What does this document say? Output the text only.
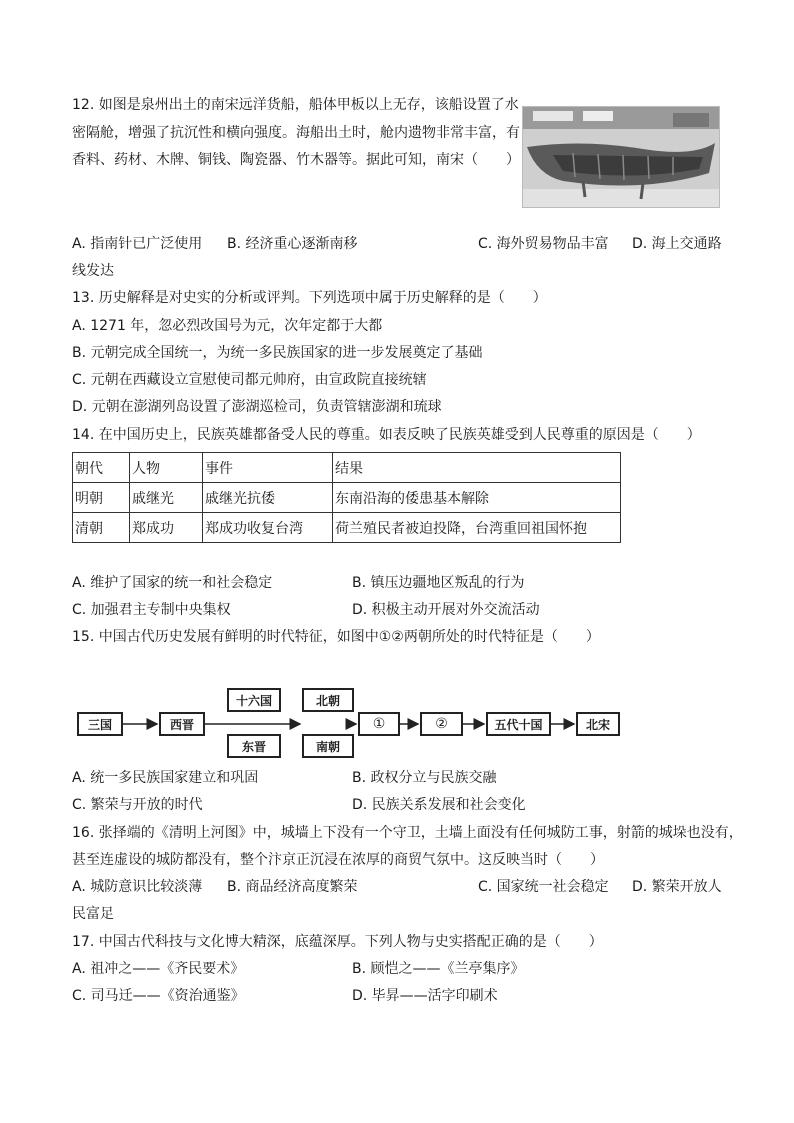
12. 如图是泉州出土的南宋远洋货船，船体甲板以上无存，该船设置了水
密隔舱，增强了抗沉性和横向强度。海船出土时，舱内遗物非常丰富，有
香料、药材、木牌、铜钱、陶瓷器、竹木器等。据此可知，南宋（　　）
A. 指南针已广泛使用 B. 经济重心逐渐南移	C. 海外贸易物品丰富 D. 海上交通路
线发达
13. 历史解释是对史实的分析或评判。下列选项中属于历史解释的是（　　）
A. 1271 年，忽必烈改国号为元，次年定都于大都
B. 元朝完成全国统一，为统一多民族国家的进一步发展奠定了基础
C. 元朝在西藏设立宣慰使司都元帅府，由宣政院直接统辖
D. 元朝在澎湖列岛设置了澎湖巡检司，负责管辖澎湖和琉球
14. 在中国历史上，民族英雄都备受人民的尊重。如表反映了民族英雄受到人民尊重的原因是（　　）
朝代	人物	事件	结果
明朝	戚继光	戚继光抗倭	东南沿海的倭患基本解除
清朝	郑成功	郑成功收复台湾	荷兰殖民者被迫投降，台湾重回祖国怀抱
A. 维护了国家的统一和社会稳定	B. 镇压边疆地区叛乱的行为
C. 加强君主专制中央集权	D. 积极主动开展对外交流活动
15. 中国古代历史发展有鲜明的时代特征，如图中①②两朝所处的时代特征是（　　）
三国	西晋
十六国
东晋
北朝
南朝
①	②	五代十国	北宋
A. 统一多民族国家建立和巩固	B. 政权分立与民族交融
C. 繁荣与开放的时代	D. 民族关系发展和社会变化
16. 张择端的《清明上河图》中，城墙上下没有一个守卫，土墙上面没有任何城防工事，射箭的城垛也没有，
甚至连虚设的城防都没有，整个汴京正沉浸在浓厚的商贸气氛中。这反映当时（　　）
A. 城防意识比较淡薄 B. 商品经济高度繁荣	C. 国家统一社会稳定 D. 繁荣开放人
民富足
17. 中国古代科技与文化博大精深，底蕴深厚。下列人物与史实搭配正确的是（　　）
A. 祖冲之——《齐民要术》	B. 顾恺之——《兰亭集序》
C. 司马迁——《资治通鉴》	D. 毕昇——活字印刷术
